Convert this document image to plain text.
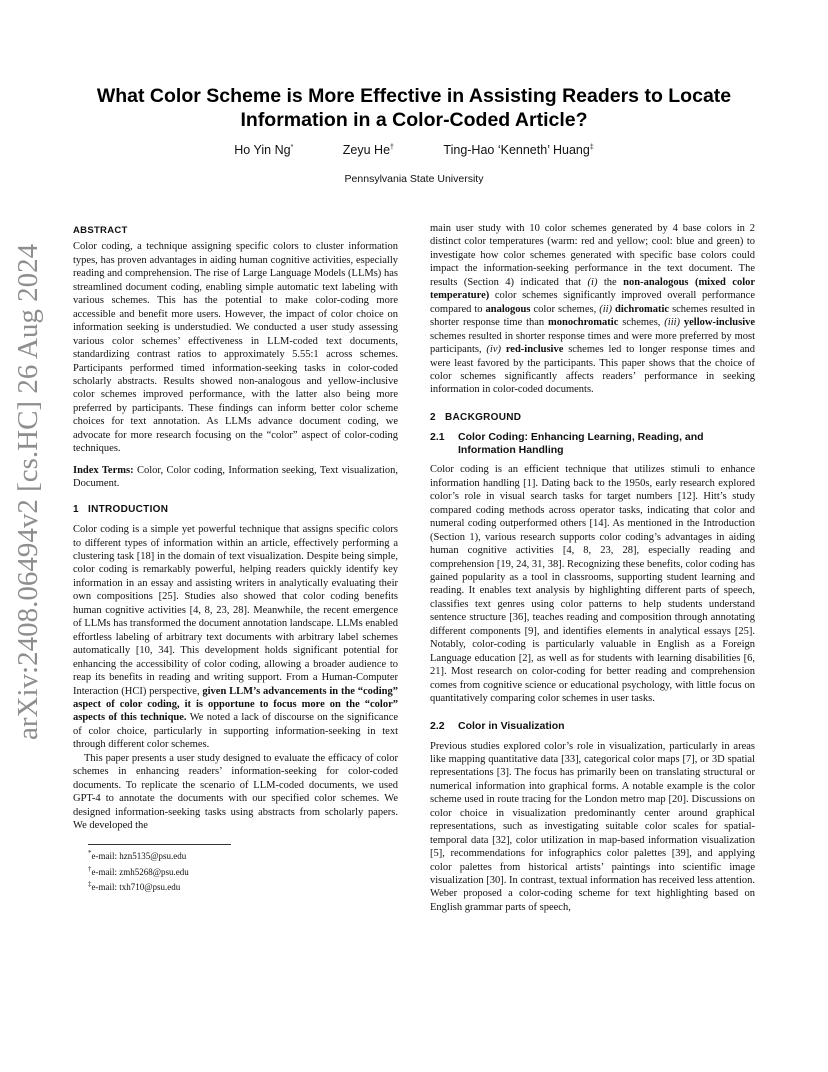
arXiv:2408.06494v2 [cs.HC] 26 Aug 2024
What Color Scheme is More Effective in Assisting Readers to Locate Information in a Color-Coded Article?
Ho Yin Ng*	Zeyu He†	Ting-Hao ‘Kenneth’ Huang‡
Pennsylvania State University
ABSTRACT

Color coding, a technique assigning specific colors to cluster information types, has proven advantages in aiding human cognitive activities, especially reading and comprehension. The rise of Large Language Models (LLMs) has streamlined document coding, enabling simple automatic text labeling with various schemes. This has the potential to make color-coding more accessible and benefit more users. However, the impact of color choice on information seeking is understudied. We conducted a user study assessing various color schemes’ effectiveness in LLM-coded text documents, standardizing contrast ratios to approximately 5.55:1 across schemes. Participants performed timed information-seeking tasks in color-coded scholarly abstracts. Results showed non-analogous and yellow-inclusive color schemes improved performance, with the latter also being more preferred by participants. These findings can inform better color scheme choices for text annotation. As LLMs advance document coding, we advocate for more research focusing on the “color” aspect of color-coding techniques.

Index Terms: Color, Color coding, Information seeking, Text visualization, Document.

1 INTRODUCTION

Color coding is a simple yet powerful technique that assigns specific colors to different types of information within an article, effectively performing a clustering task [18] in the domain of text visualization. Despite being simple, color coding is remarkably powerful, helping readers quickly identify key information in an essay and assisting writers in analytically evaluating their own compositions [25]. Studies also showed that color coding benefits human cognitive activities [4, 8, 23, 28]. Meanwhile, the recent emergence of LLMs has transformed the document annotation landscape. LLMs enabled effortless labeling of arbitrary text documents with arbitrary label schemes automatically [10, 34]. This development holds significant potential for enhancing the accessibility of color coding, allowing a broader audience to reap its benefits in reading and writing support. From a Human-Computer Interaction (HCI) perspective, given LLM’s advancements in the “coding” aspect of color coding, it is opportune to focus more on the “color” aspects of this technique. We noted a lack of discourse on the significance of color choice, particularly in supporting information-seeking in text through different color schemes.

This paper presents a user study designed to evaluate the efficacy of color schemes in enhancing readers’ information-seeking for color-coded documents. To replicate the scenario of LLM-coded documents, we used GPT-4 to annotate the documents with our specified color schemes. We designed information-seeking tasks using abstracts from scholarly papers. We developed the

*e-mail: hzn5135@psu.edu
†e-mail: zmh5268@psu.edu
‡e-mail: txh710@psu.edu

main user study with 10 color schemes generated by 4 base colors in 2 distinct color temperatures (warm: red and yellow; cool: blue and green) to investigate how color schemes generated with specific base colors could impact the information-seeking performance in the text document. The results (Section 4) indicated that (i) the non-analogous (mixed color temperature) color schemes significantly improved overall performance compared to analogous color schemes, (ii) dichromatic schemes resulted in shorter response time than monochromatic schemes, (iii) yellow-inclusive schemes resulted in shorter response times and were more preferred by most participants, (iv) red-inclusive schemes led to longer response times and were least favored by the participants. This paper shows that the choice of color schemes significantly affects readers’ performance in seeking information in color-coded documents.

2 BACKGROUND
2.1	Color Coding: Enhancing Learning, Reading, and Information Handling

Color coding is an efficient technique that utilizes stimuli to enhance information handling [1]. Dating back to the 1950s, early research explored color’s role in visual search tasks for target numbers [12]. Hitt’s study compared coding methods across operator tasks, indicating that color and numeral coding outperformed others [14]. As mentioned in the Introduction (Section 1), various research supports color coding’s advantages in aiding human cognitive activities [4, 8, 23, 28], especially reading and comprehension [19, 24, 31, 38]. Recognizing these benefits, color coding has gained popularity as a tool in classrooms, supporting student learning and reading. It enables text analysis by highlighting different parts of speech, classifies text genres using color patterns to help students understand sentence structure [36], teaches reading and composition through annotating different components [9], and identifies elements in analytical essays [25]. Notably, color-coding is particularly valuable in English as a Foreign Language education [2], as well as for students with learning disabilities [6, 21]. Most research on color-coding for better reading and comprehension comes from cognitive science or educational psychology, with little focus on quantitatively comparing color schemes in user tasks.

2.2 Color in Visualization

Previous studies explored color’s role in visualization, particularly in areas like mapping quantitative data [33], categorical color maps [7], or 3D spatial representations [3]. The focus has primarily been on translating structural or numerical information into graphical forms. A notable example is the color scheme used in route tracing for the London metro map [20]. Discussions on color choice in visualization predominantly center around graphical representations, such as investigating suitable color scales for spatial-temporal data [32], color utilization in map-based information visualization [5], recommendations for infographics color palettes [39], and applying color palettes from historical artists’ paintings into scientific image visualization [30]. In contrast, textual information has received less attention. Weber proposed a color-coding scheme for text highlighting based on English grammar parts of speech,
